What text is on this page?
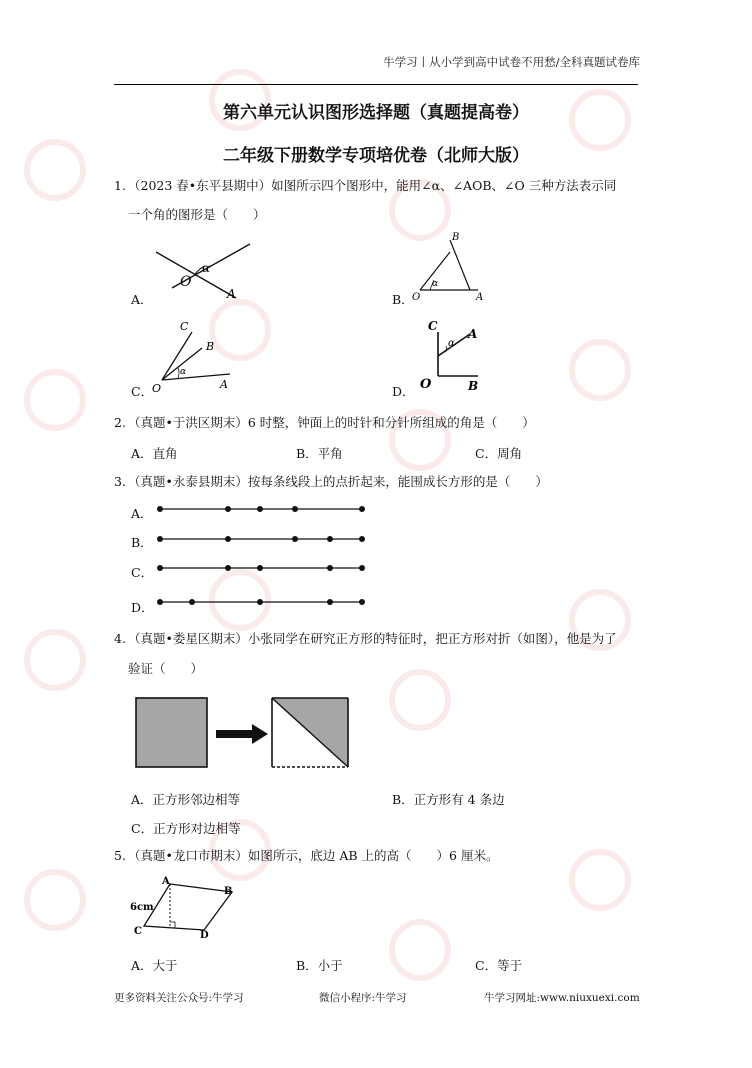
牛学习丨从小学到高中试卷不用愁/全科真题试卷库
第六单元认识图形选择题（真题提高卷）
二年级下册数学专项培优卷（北师大版）
1. （2023 春•东平县期中）如图所示四个图形中，能用∠α、∠AOB、∠O 三种方法表示同
一个角的图形是（　　）
A．
O
α
A	B．
O
α
A
B
C．
O
α
A
B
C
D． O
α
B
A
C
2. （真题•于洪区期末）6 时整，钟面上的时针和分针所组成的角是（　　）
A．直角	B．平角	C．周角
3. （真题•永泰县期末）按每条线段上的点折起来，能围成长方形的是（　　）
A．
B．
C．
D．
4. （真题•娄星区期末）小张同学在研究正方形的特征时，把正方形对折（如图），他是为了
验证（　　）
A．正方形邻边相等	B．正方形有 4 条边
C．正方形对边相等
5. （真题•龙口市期末）如图所示，底边 AB 上的高（　　）6 厘米。
A
B
C	D
6cm
A．大于	B．小于	C．等于
更多资料关注公众号:牛学习	微信小程序:牛学习	牛学习网址:www.niuxuexi.com
